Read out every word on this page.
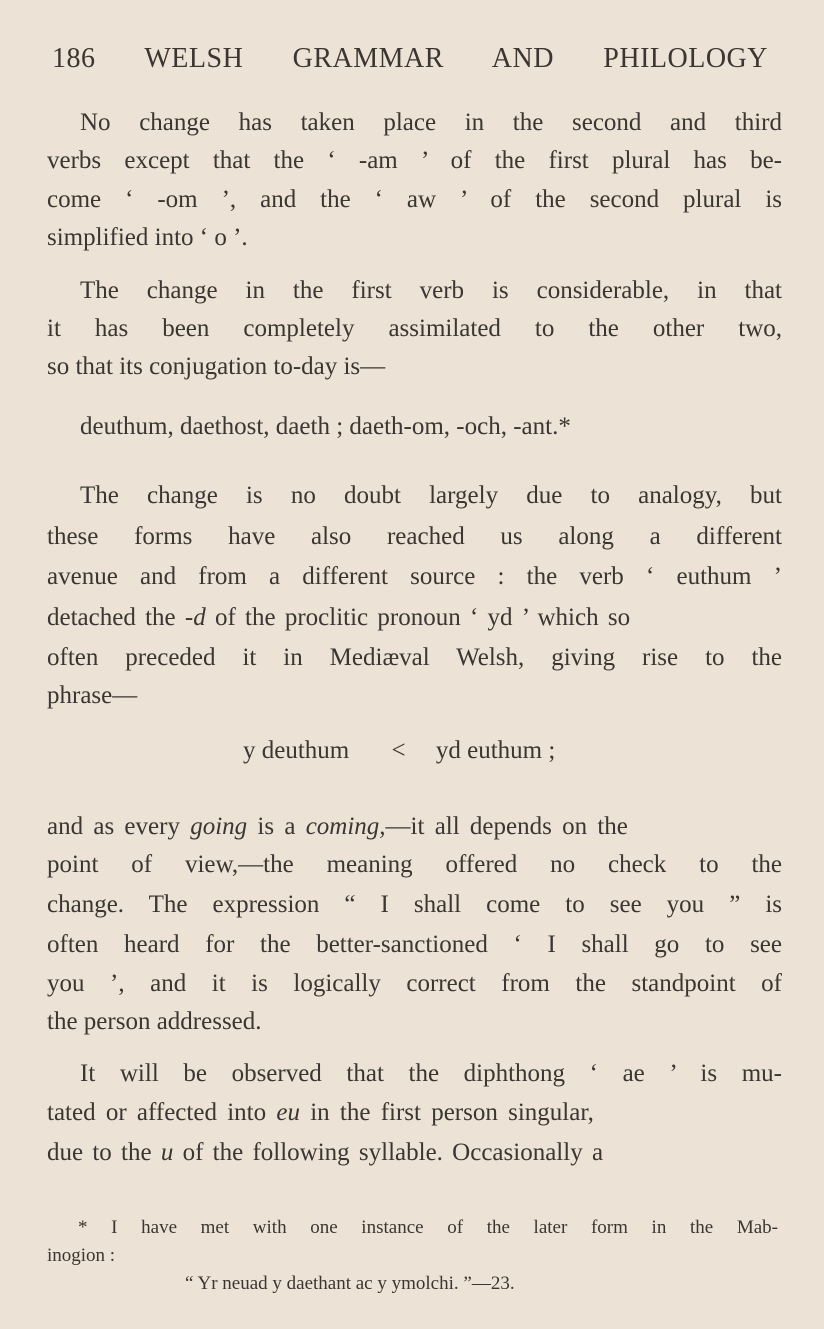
186 WELSH GRAMMAR AND PHILOLOGY
No change has taken place in the second and third
verbs except that the ‘ -am ’ of the first plural has be-
come ‘ -om ’, and the ‘ aw ’ of the second plural is
simplified into ‘ o ’.
The change in the first verb is considerable, in that
it has been completely assimilated to the other two,
so that its conjugation to-day is—
deuthum, daethost, daeth ; daeth-om, -och, -ant.*
The change is no doubt largely due to analogy, but
these forms have also reached us along a different
avenue and from a different source : the verb ‘ euthum ’
detached the -d of the proclitic pronoun ‘ yd ’ which so
often preceded it in Mediæval Welsh, giving rise to the
phrase—
y deuthum < yd euthum ;
and as every going is a coming,—it all depends on the
point of view,—the meaning offered no check to the
change. The expression “ I shall come to see you ” is
often heard for the better-sanctioned ‘ I shall go to see
you ’, and it is logically correct from the standpoint of
the person addressed.
It will be observed that the diphthong ‘ ae ’ is mu-
tated or affected into eu in the first person singular,
due to the u of the following syllable. Occasionally a
* I have met with one instance of the later form in the Mab-
inogion :
“ Yr neuad y daethant ac y ymolchi. ”—23.
